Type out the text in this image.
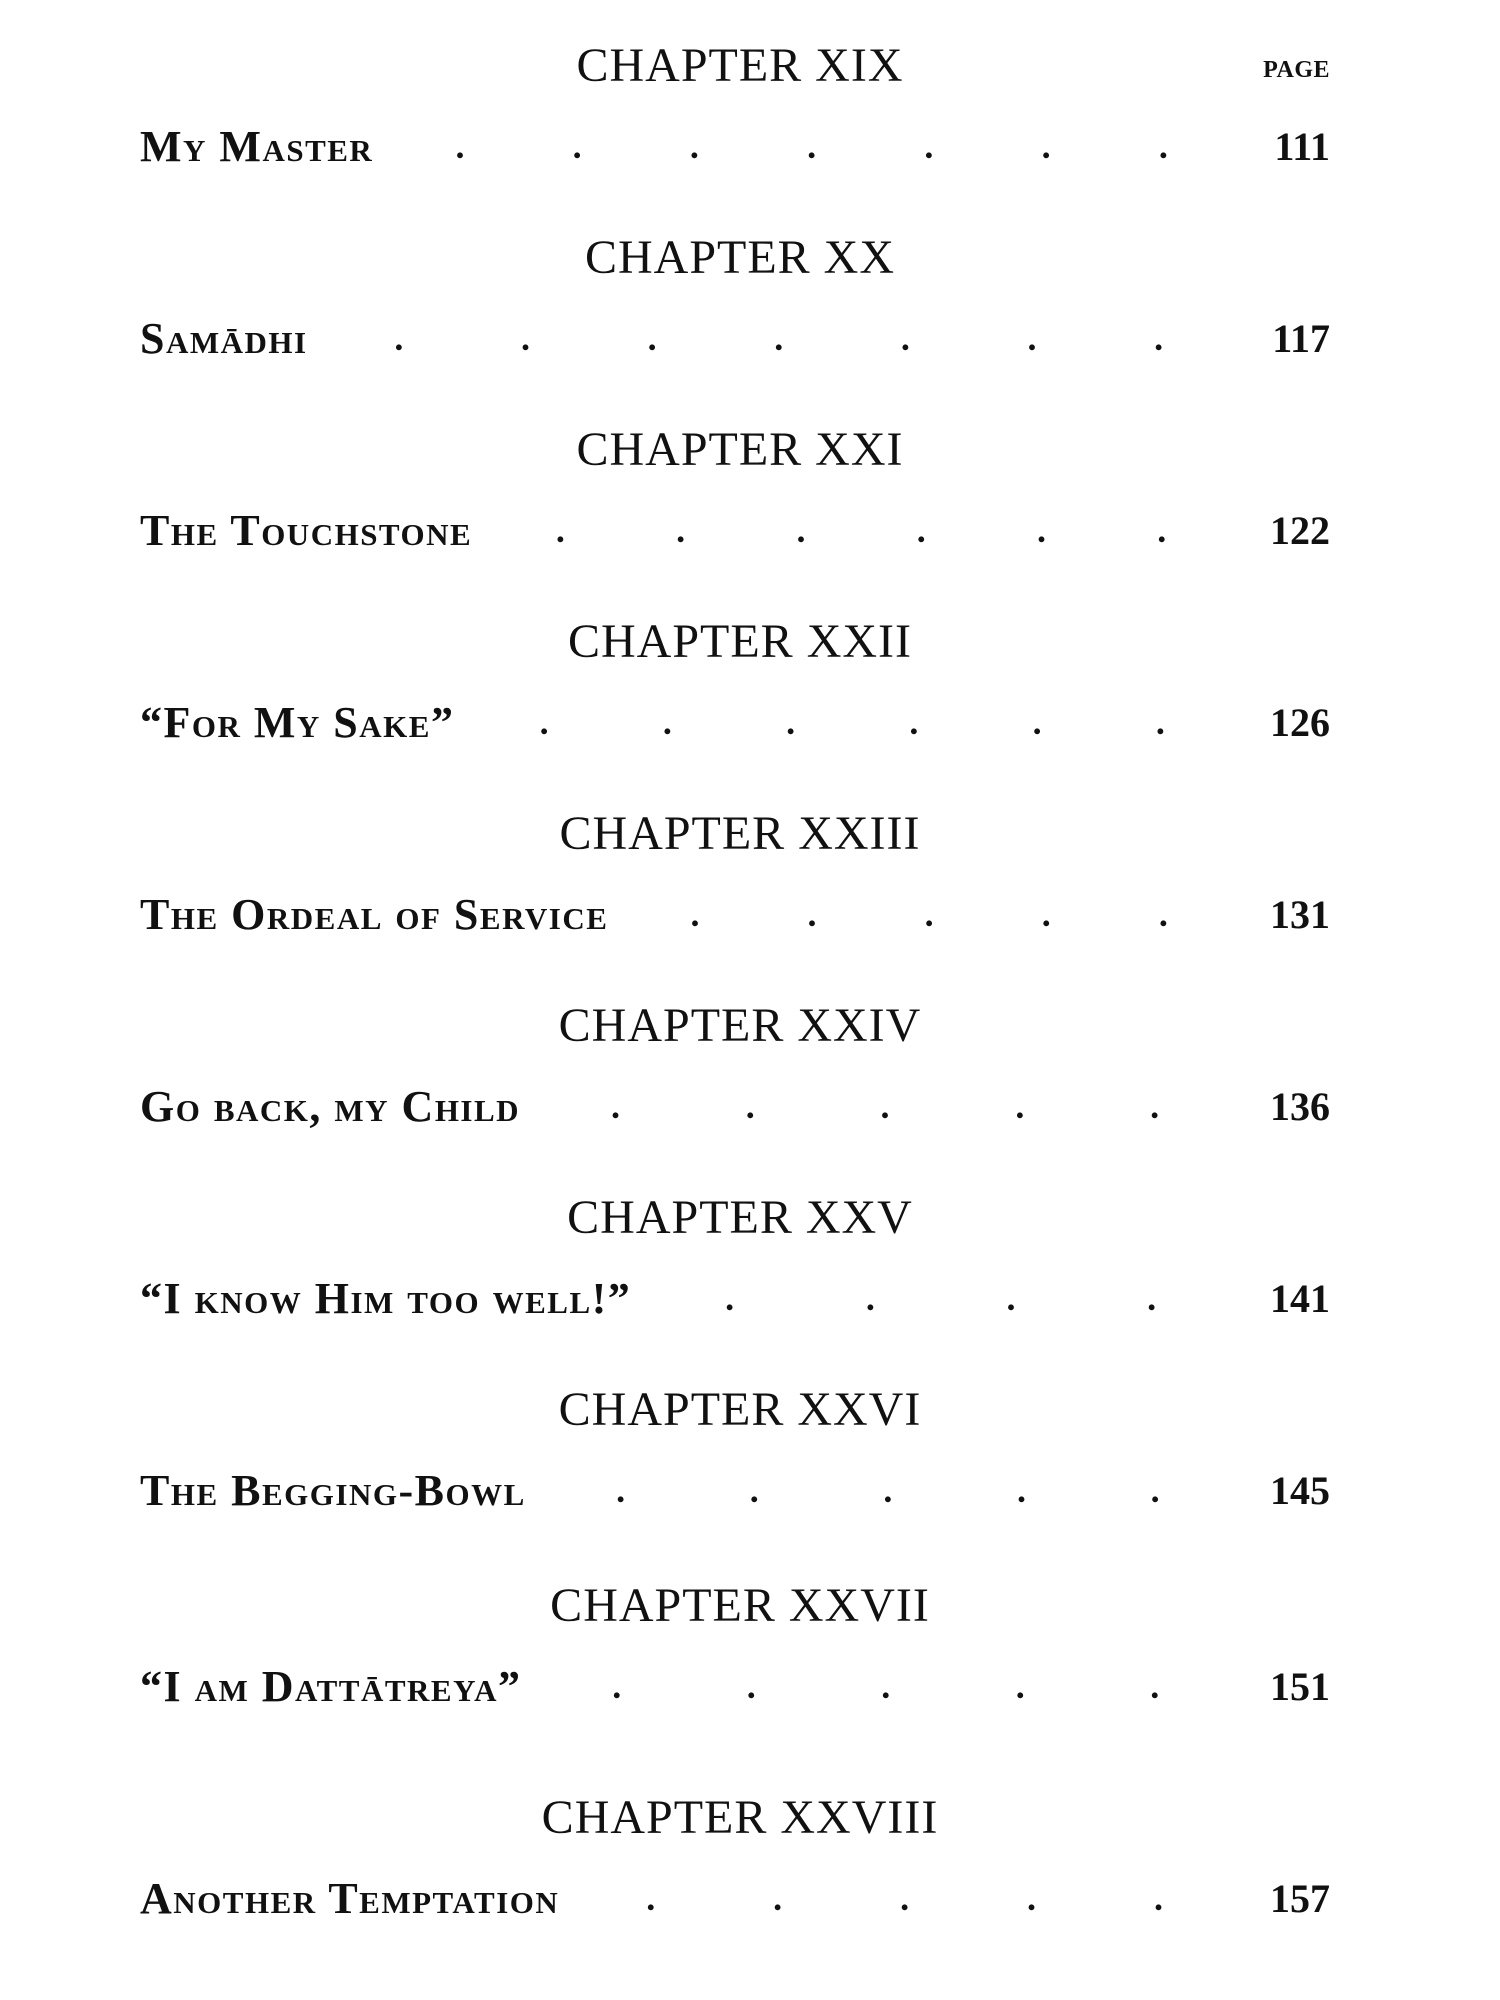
page
CHAPTER XIX
My Master .	.	.	.	.	.	.	111
CHAPTER XX
Samādhi .	.	.	.	.	.	.	117
CHAPTER XXI
The Touchstone .	.	.	.	.	.	122
CHAPTER XXII
“For My Sake” .	.	.	.	.	.	126
CHAPTER XXIII
The Ordeal of Service .	.	.	.	.	131
CHAPTER XXIV
Go back, my Child	.	.	.	.	.	136
CHAPTER XXV
“I know Him too well!”	.	.	.	.	141
CHAPTER XXVI
The Begging-Bowl	.	.	.	.	.	145
CHAPTER XXVII
“I am Dattātreya”	.	.	.	.	.	151
CHAPTER XXVIII
Another Temptation .	.	.	.	.	157
